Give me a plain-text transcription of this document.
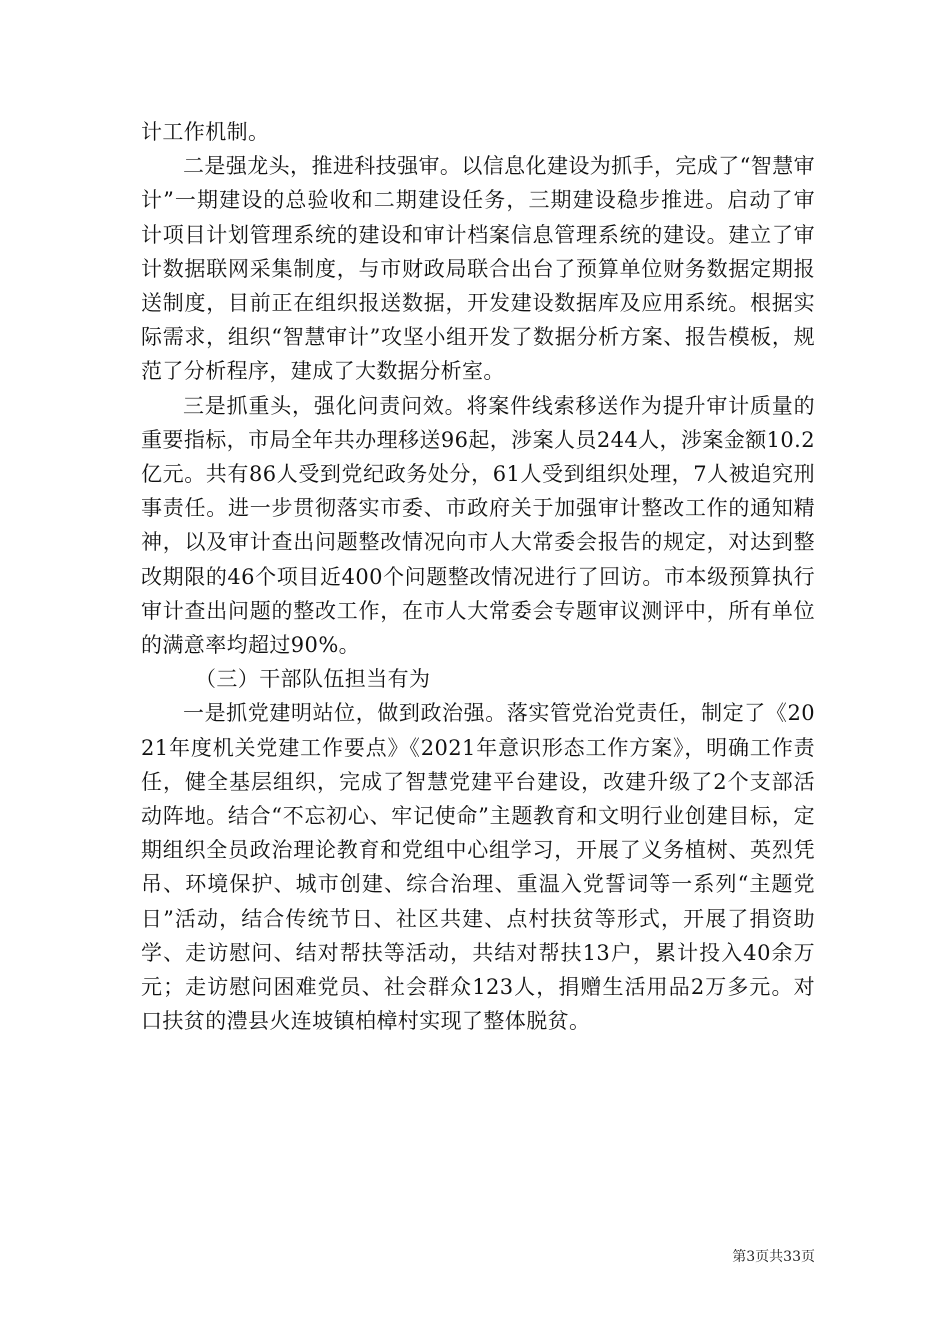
计工作机制。

二是强龙头，推进科技强审。以信息化建设为抓手，完成了“智慧审计”一期建设的总验收和二期建设任务，三期建设稳步推进。启动了审计项目计划管理系统的建设和审计档案信息管理系统的建设。建立了审计数据联网采集制度，与市财政局联合出台了预算单位财务数据定期报送制度，目前正在组织报送数据，开发建设数据库及应用系统。根据实际需求，组织“智慧审计”攻坚小组开发了数据分析方案、报告模板，规范了分析程序，建成了大数据分析室。

三是抓重头，强化问责问效。将案件线索移送作为提升审计质量的重要指标，市局全年共办理移送96起，涉案人员244人，涉案金额10.2亿元。共有86人受到党纪政务处分，61人受到组织处理，7人被追究刑事责任。进一步贯彻落实市委、市政府关于加强审计整改工作的通知精神，以及审计查出问题整改情况向市人大常委会报告的规定，对达到整改期限的46个项目近400个问题整改情况进行了回访。市本级预算执行审计查出问题的整改工作，在市人大常委会专题审议测评中，所有单位的满意率均超过90%。

（三）干部队伍担当有为

一是抓党建明站位，做到政治强。落实管党治党责任，制定了《2021年度机关党建工作要点》《2021年意识形态工作方案》，明确工作责任，健全基层组织，完成了智慧党建平台建设，改建升级了2个支部活动阵地。结合“不忘初心、牢记使命”主题教育和文明行业创建目标，定期组织全员政治理论教育和党组中心组学习，开展了义务植树、英烈凭吊、环境保护、城市创建、综合治理、重温入党誓词等一系列“主题党日”活动，结合传统节日、社区共建、点村扶贫等形式，开展了捐资助学、走访慰问、结对帮扶等活动，共结对帮扶13户，累计投入40余万元；走访慰问困难党员、社会群众123人，捐赠生活用品2万多元。对口扶贫的澧县火连坡镇柏樟村实现了整体脱贫。

第3页共33页
